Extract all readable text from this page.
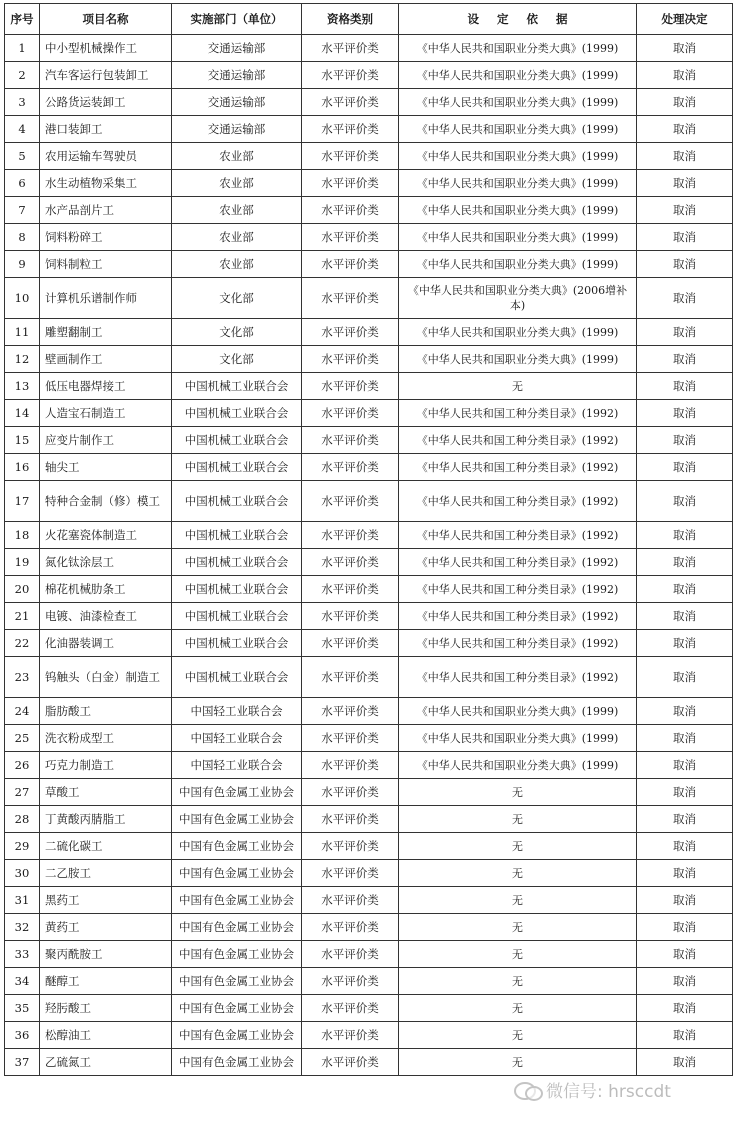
序号	项目名称	实施部门（单位）	资格类别	设定依据	处理决定
1	中小型机械操作工	交通运输部	水平评价类	《中华人民共和国职业分类大典》(1999)	取消
2	汽车客运行包装卸工	交通运输部	水平评价类	《中华人民共和国职业分类大典》(1999)	取消
3	公路货运装卸工	交通运输部	水平评价类	《中华人民共和国职业分类大典》(1999)	取消
4	港口装卸工	交通运输部	水平评价类	《中华人民共和国职业分类大典》(1999)	取消
5	农用运输车驾驶员	农业部	水平评价类	《中华人民共和国职业分类大典》(1999)	取消
6	水生动植物采集工	农业部	水平评价类	《中华人民共和国职业分类大典》(1999)	取消
7	水产品剖片工	农业部	水平评价类	《中华人民共和国职业分类大典》(1999)	取消
8	饲料粉碎工	农业部	水平评价类	《中华人民共和国职业分类大典》(1999)	取消
9	饲料制粒工	农业部	水平评价类	《中华人民共和国职业分类大典》(1999)	取消
10	计算机乐谱制作师	文化部	水平评价类	《中华人民共和国职业分类大典》(2006增补本)	取消
11	雕塑翻制工	文化部	水平评价类	《中华人民共和国职业分类大典》(1999)	取消
12	壁画制作工	文化部	水平评价类	《中华人民共和国职业分类大典》(1999)	取消
13	低压电器焊接工	中国机械工业联合会	水平评价类	无	取消
14	人造宝石制造工	中国机械工业联合会	水平评价类	《中华人民共和国工种分类目录》(1992)	取消
15	应变片制作工	中国机械工业联合会	水平评价类	《中华人民共和国工种分类目录》(1992)	取消
16	轴尖工	中国机械工业联合会	水平评价类	《中华人民共和国工种分类目录》(1992)	取消
17	特种合金制（修）模工	中国机械工业联合会	水平评价类	《中华人民共和国工种分类目录》(1992)	取消
18	火花塞瓷体制造工	中国机械工业联合会	水平评价类	《中华人民共和国工种分类目录》(1992)	取消
19	氮化钛涂层工	中国机械工业联合会	水平评价类	《中华人民共和国工种分类目录》(1992)	取消
20	棉花机械肋条工	中国机械工业联合会	水平评价类	《中华人民共和国工种分类目录》(1992)	取消
21	电镀、油漆检查工	中国机械工业联合会	水平评价类	《中华人民共和国工种分类目录》(1992)	取消
22	化油器装调工	中国机械工业联合会	水平评价类	《中华人民共和国工种分类目录》(1992)	取消
23	钨触头（白金）制造工	中国机械工业联合会	水平评价类	《中华人民共和国工种分类目录》(1992)	取消
24	脂肪酸工	中国轻工业联合会	水平评价类	《中华人民共和国职业分类大典》(1999)	取消
25	洗衣粉成型工	中国轻工业联合会	水平评价类	《中华人民共和国职业分类大典》(1999)	取消
26	巧克力制造工	中国轻工业联合会	水平评价类	《中华人民共和国职业分类大典》(1999)	取消
27	草酸工	中国有色金属工业协会	水平评价类	无	取消
28	丁黄酸丙腈脂工	中国有色金属工业协会	水平评价类	无	取消
29	二硫化碳工	中国有色金属工业协会	水平评价类	无	取消
30	二乙胺工	中国有色金属工业协会	水平评价类	无	取消
31	黑药工	中国有色金属工业协会	水平评价类	无	取消
32	黄药工	中国有色金属工业协会	水平评价类	无	取消
33	聚丙酰胺工	中国有色金属工业协会	水平评价类	无	取消
34	醚醇工	中国有色金属工业协会	水平评价类	无	取消
35	羟肟酸工	中国有色金属工业协会	水平评价类	无	取消
36	松醇油工	中国有色金属工业协会	水平评价类	无	取消
37	乙硫氮工	中国有色金属工业协会	水平评价类	无	取消
微信号: hrsccdt
